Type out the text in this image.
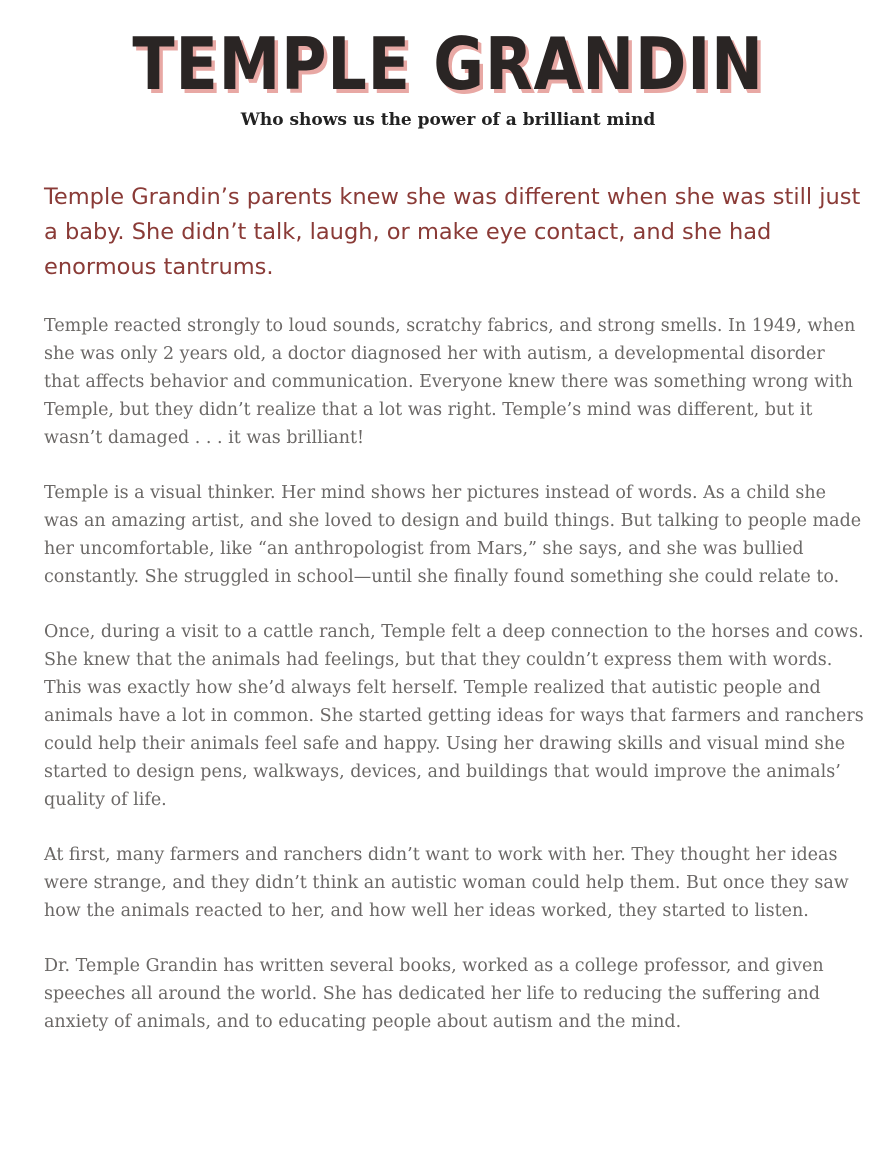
TEMPLE GRANDIN
Who shows us the power of a brilliant mind

Temple Grandin’s parents knew she was different when she was still just a baby. She didn’t talk, laugh, or make eye contact, and she had enormous tantrums.

Temple reacted strongly to loud sounds, scratchy fabrics, and strong smells. In 1949, when she was only 2 years old, a doctor diagnosed her with autism, a developmental disorder that affects behavior and communication. Everyone knew there was something wrong with Temple, but they didn’t realize that a lot was right. Temple’s mind was different, but it wasn’t damaged . . . it was brilliant!

Temple is a visual thinker. Her mind shows her pictures instead of words. As a child she was an amazing artist, and she loved to design and build things. But talking to people made her uncomfortable, like “an anthropologist from Mars,” she says, and she was bullied constantly. She struggled in school—until she finally found something she could relate to.

Once, during a visit to a cattle ranch, Temple felt a deep connection to the horses and cows. She knew that the animals had feelings, but that they couldn’t express them with words. This was exactly how she’d always felt herself. Temple realized that autistic people and animals have a lot in common. She started getting ideas for ways that farmers and ranchers could help their animals feel safe and happy. Using her drawing skills and visual mind she started to design pens, walkways, devices, and buildings that would improve the animals’ quality of life.

At first, many farmers and ranchers didn’t want to work with her. They thought her ideas were strange, and they didn’t think an autistic woman could help them. But once they saw how the animals reacted to her, and how well her ideas worked, they started to listen.

Dr. Temple Grandin has written several books, worked as a college professor, and given speeches all around the world. She has dedicated her life to reducing the suffering and anxiety of animals, and to educating people about autism and the mind.
